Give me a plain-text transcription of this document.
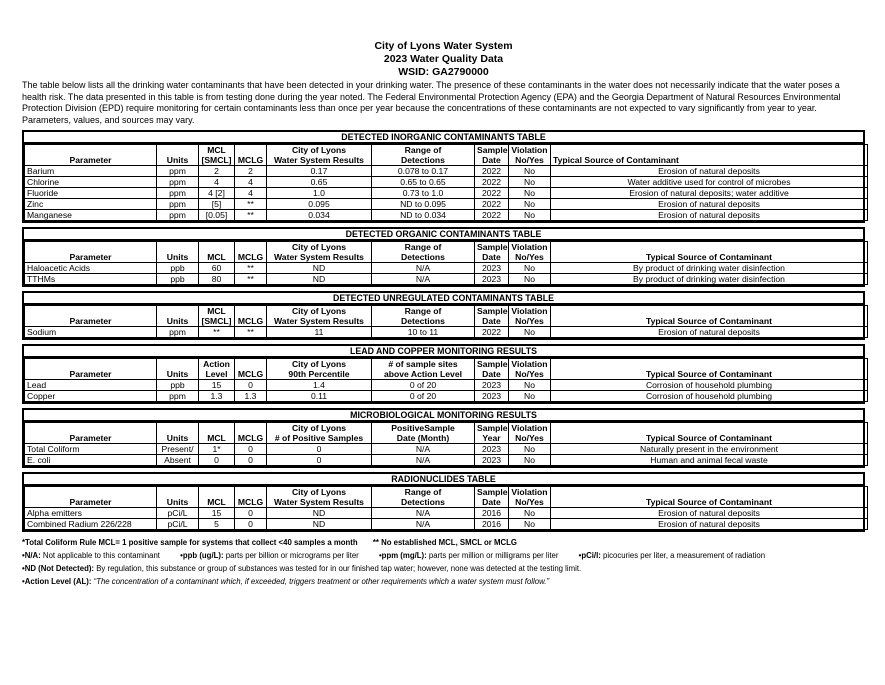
City of Lyons Water System
2023 Water Quality Data
WSID: GA2790000
The table below lists all the drinking water contaminants that have been detected in your drinking water. The presence of these contaminants in the water does not necessarily indicate that the water poses a health risk. The data presented in this table is from testing done during the year noted. The Federal Environmental Protection Agency (EPA) and the Georgia Department of Natural Resources Environmental Protection Division (EPD) require monitoring for certain contaminants less than once per year because the concentrations of these contaminants are not expected to vary significantly from year to year. Parameters, values, and sources may vary.
DETECTED INORGANIC CONTAMINANTS TABLE
		MCL		City of Lyons	Range of	Sample	Violation	
Parameter	Units	[SMCL]	MCLG	Water System Results	Detections	Date	No/Yes	Typical Source of Contaminant
Barium	ppm	2	2	0.17	0.078 to 0.17	2022	No	Erosion of natural deposits
Chlorine	ppm	4	4	0.65	0.65 to 0.65	2022	No	Water additive used for control of microbes
Fluoride	ppm	4 [2]	4	1.0	0.73 to 1.0	2022	No	Erosion of natural deposits; water additive
Zinc	ppm	[5]	**	0.095	ND to 0.095	2022	No	Erosion of natural deposits
Manganese	ppm	[0.05]	**	0.034	ND to 0.034	2022	No	Erosion of natural deposits
DETECTED ORGANIC CONTAMINANTS TABLE
				City of Lyons	Range of	Sample	Violation	
Parameter	Units	MCL	MCLG	Water System Results	Detections	Date	No/Yes	Typical Source of Contaminant
Haloacetic Acids	ppb	60	**	ND	N/A	2023	No	By product of drinking water disinfection
TTHMs	ppb	80	**	ND	N/A	2023	No	By product of drinking water disinfection
DETECTED UNREGULATED CONTAMINANTS TABLE
		MCL		City of Lyons	Range of	Sample	Violation	
Parameter	Units	[SMCL]	MCLG	Water System Results	Detections	Date	No/Yes	Typical Source of Contaminant
Sodium	ppm	**	**	11	10 to 11	2022	No	Erosion of natural deposits
LEAD AND COPPER MONITORING RESULTS
		Action		City of Lyons	# of sample sites	Sample	Violation	
Parameter	Units	Level	MCLG	90th Percentile	above Action Level	Date	No/Yes	Typical Source of Contaminant
Lead	ppb	15	0	1.4	0 of 20	2023	No	Corrosion of household plumbing
Copper	ppm	1.3	1.3	0.11	0 of 20	2023	No	Corrosion of household plumbing
MICROBIOLOGICAL MONITORING RESULTS
				City of Lyons	PositiveSample	Sample	Violation	
Parameter	Units	MCL	MCLG	# of Positive Samples	Date (Month)	Year	No/Yes	Typical Source of Contaminant
Total Coliform	Present/	1*	0	0	N/A	2023	No	Naturally present in the environment
E. coli	Absent	0	0	0	N/A	2023	No	Human and animal fecal waste
RADIONUCLIDES TABLE
				City of Lyons	Range of	Sample	Violation	
Parameter	Units	MCL	MCLG	Water System Results	Detections	Date	No/Yes	Typical Source of Contaminant
Alpha emitters	pCi/L	15	0	ND	N/A	2016	No	Erosion of natural deposits
Combined Radium 226/228	pCi/L	5	0	ND	N/A	2016	No	Erosion of natural deposits
*Total Coliform Rule MCL= 1 positive sample for systems that collect <40 samples a month ** No established MCL, SMCL or MCLG
•N/A: Not applicable to this contaminant	•ppb (ug/L): parts per billion or micrograms per liter	•ppm (mg/L): parts per million or milligrams per liter	•pCi/l: picocuries per liter, a measurement of radiation
•ND (Not Detected): By regulation, this substance or group of substances was tested for in our finished tap water; however, none was detected at the testing limit.
•Action Level (AL): “The concentration of a contaminant which, if exceeded, triggers treatment or other requirements which a water system must follow.”
